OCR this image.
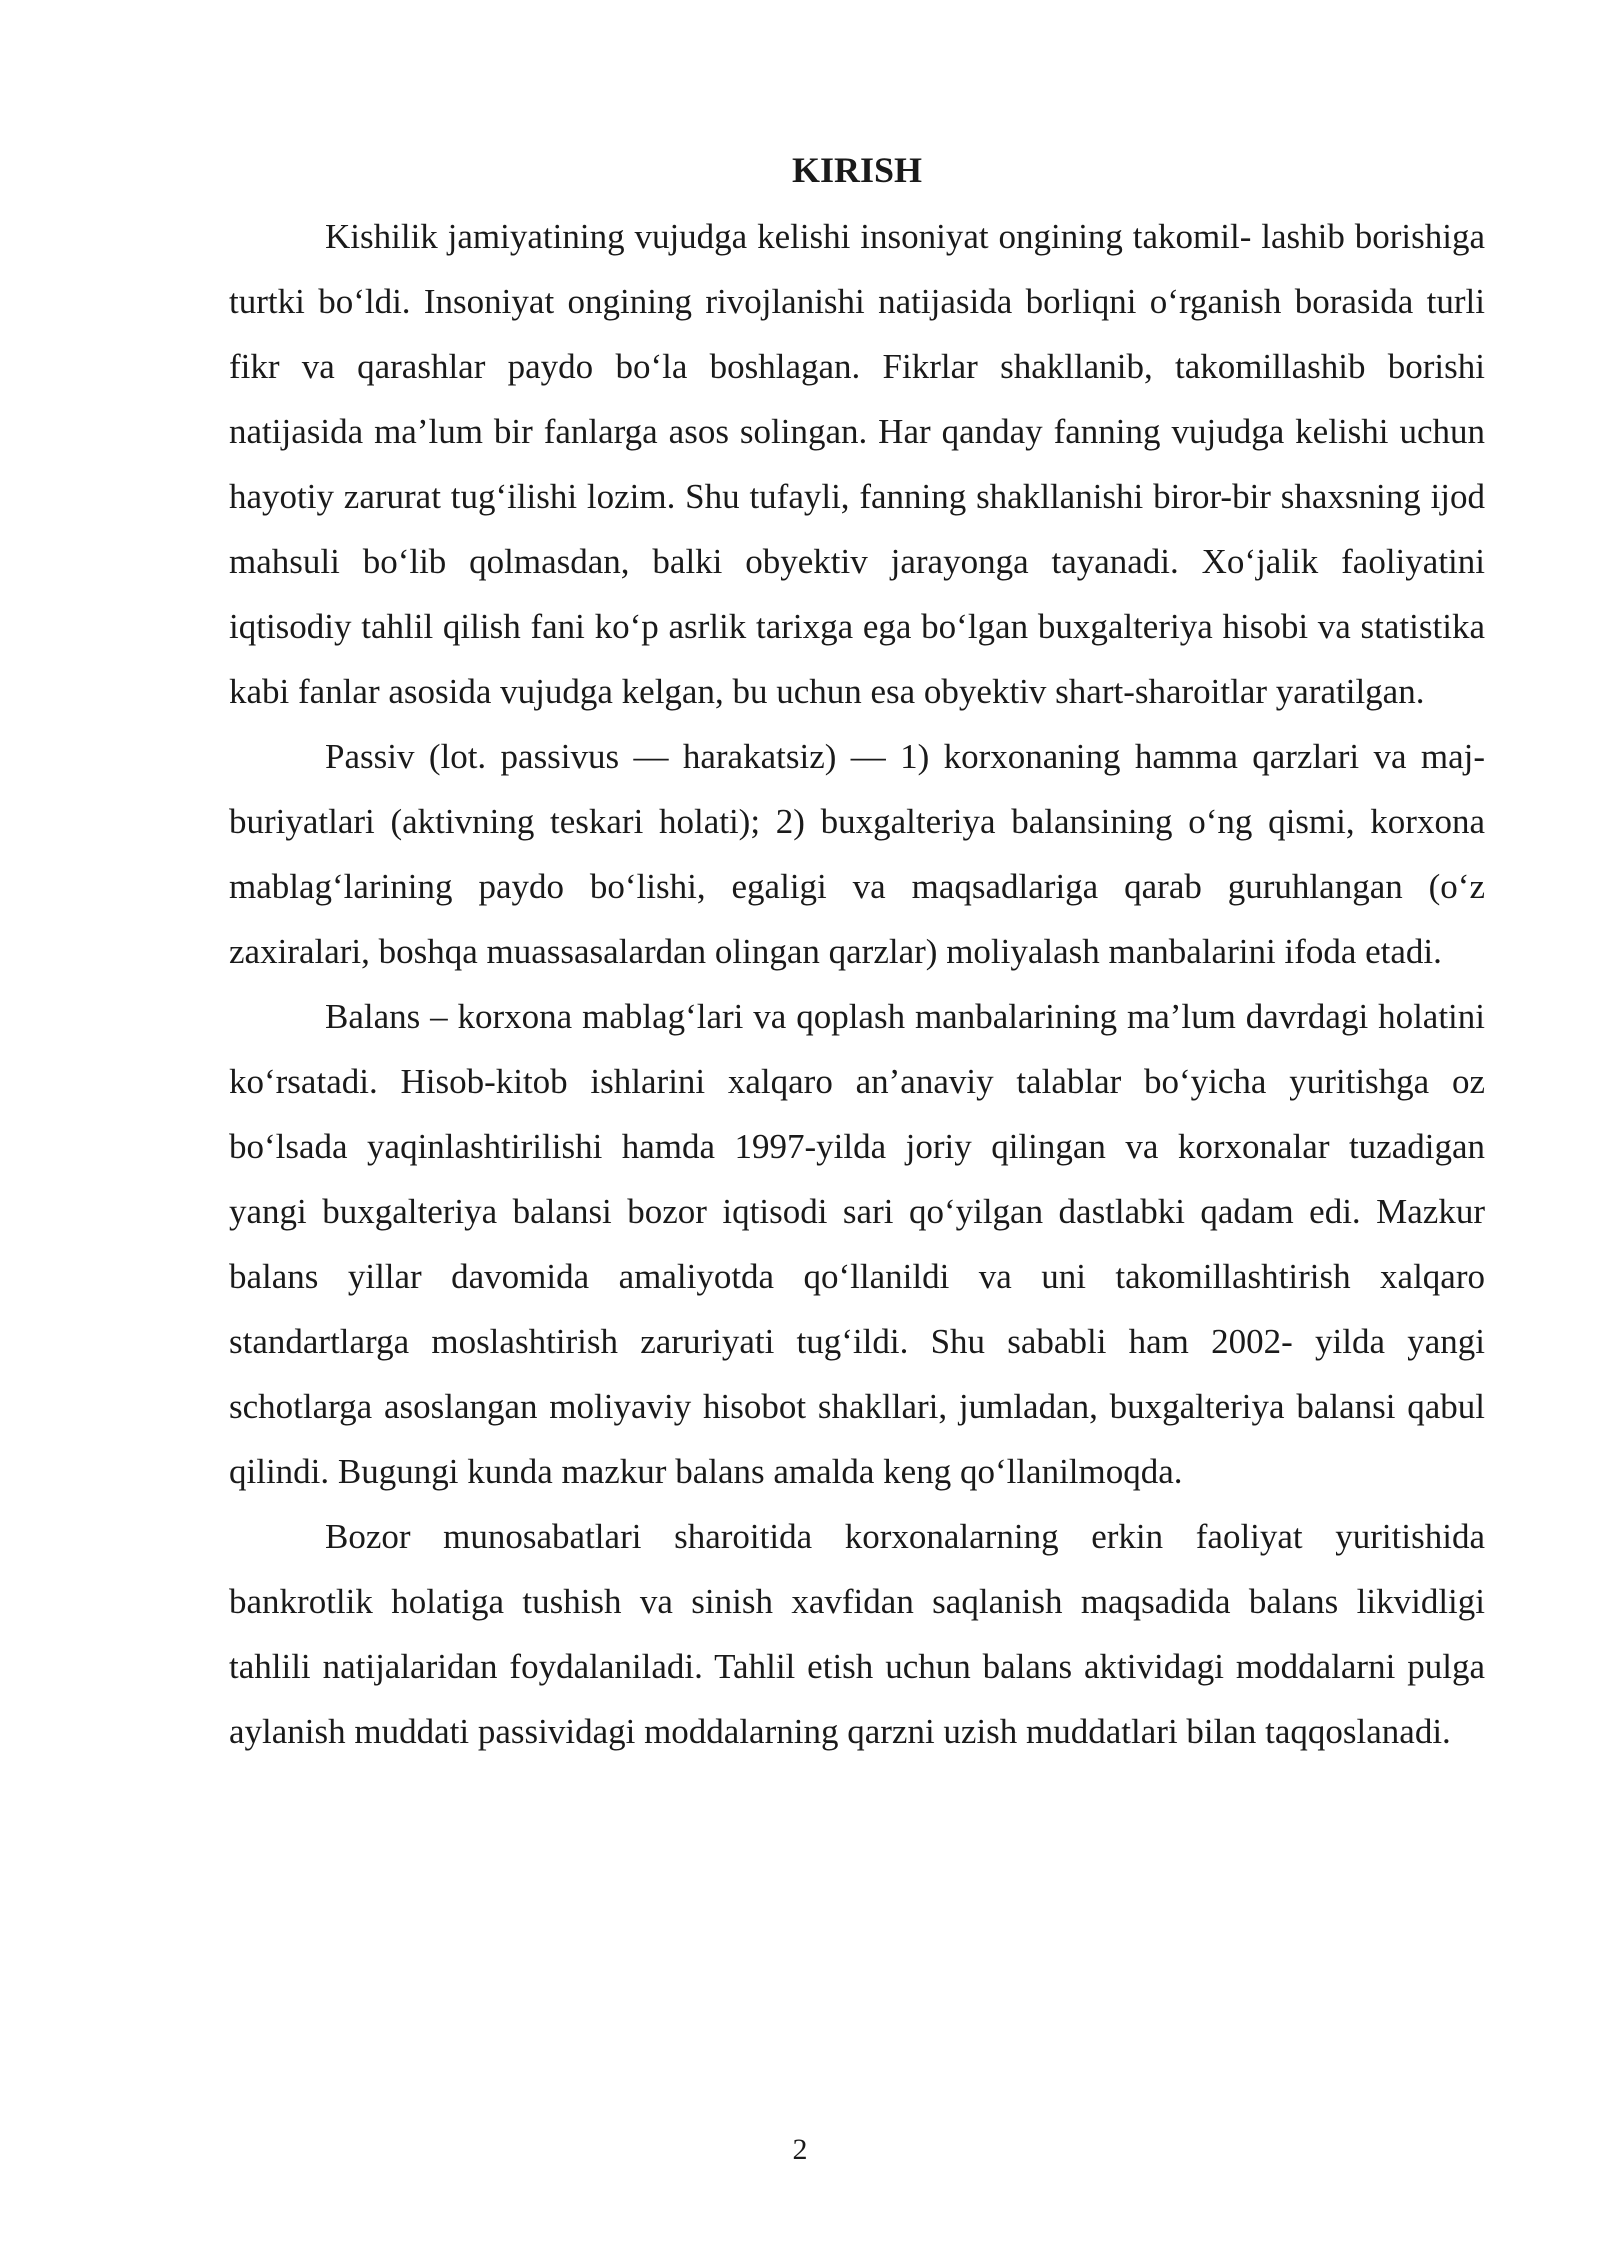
KIRISH

Kishilik jamiyatining vujudga kelishi insoniyat ongining takomil- lashib borishiga turtki bo‘ldi. Insoniyat ongining rivojlanishi natijasida borliqni o‘rganish borasida turli fikr va qarashlar paydo bo‘la boshlagan. Fikrlar shakllanib, takomillashib borishi natijasida ma’lum bir fanlarga asos solingan. Har qanday fanning vujudga kelishi uchun hayotiy zarurat tug‘ilishi lozim. Shu tufayli, fanning shakllanishi biror-bir shaxsning ijod mahsuli bo‘lib qolmasdan, balki obyektiv jarayonga tayanadi. Xo‘jalik faoliyatini iqtisodiy tahlil qilish fani ko‘p asrlik tarixga ega bo‘lgan buxgalteriya hisobi va statistika kabi fanlar asosida vujudga kelgan, bu uchun esa obyektiv shart-sharoitlar yaratilgan.

Passiv (lot. passivus — harakatsiz) — 1) korxonaning hamma qarzlari va maj- buriyatlari (aktivning teskari holati); 2) buxgalteriya balansining o‘ng qismi, korxona mablag‘larining paydo bo‘lishi, egaligi va maqsadlariga qarab guruhlangan (o‘z zaxiralari, boshqa muassasalardan olingan qarzlar) moliyalash manbalarini ifoda etadi.

Balans – korxona mablag‘lari va qoplash manbalarining ma’lum davrdagi holatini ko‘rsatadi. Hisob-kitob ishlarini xalqaro an’anaviy talablar bo‘yicha yuritishga oz bo‘lsada yaqinlashtirilishi hamda 1997-yilda joriy qilingan va korxonalar tuzadigan yangi buxgalteriya balansi bozor iqtisodi sari qo‘yilgan dastlabki qadam edi. Mazkur balans yillar davomida amaliyotda qo‘llanildi va uni takomillashtirish xalqaro standartlarga moslashtirish zaruriyati tug‘ildi. Shu sababli ham 2002- yilda yangi schotlarga asoslangan moliyaviy hisobot shakllari, jumladan, buxgalteriya balansi qabul qilindi. Bugungi kunda mazkur balans amalda keng qo‘llanilmoqda.

Bozor munosabatlari sharoitida korxonalarning erkin faoliyat yuritishida bankrotlik holatiga tushish va sinish xavfidan saqlanish maqsadida balans likvidligi tahlili natijalaridan foydalaniladi. Tahlil etish uchun balans aktividagi moddalarni pulga aylanish muddati passividagi moddalarning qarzni uzish muddatlari bilan taqqoslanadi.

2
